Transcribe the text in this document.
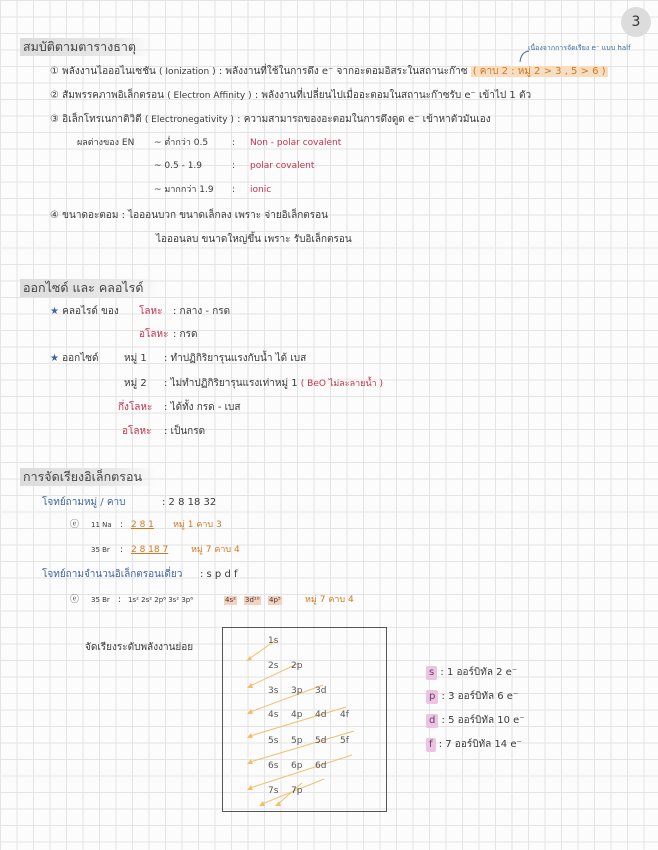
3
สมบัติตามตารางธาตุ	เนื่องจากการจัดเรียง e⁻ แบบ half
① พลังงานไอออไนเซชัน ( Ionization ) : พลังงานที่ใช้ในการดึง e⁻ จากอะตอมอิสระในสถานะก๊าซ ( คาบ 2 : หมู่ 2 > 3 , 5 > 6 )
② สัมพรรคภาพอิเล็กตรอน ( Electron Affinity ) : พลังงานที่เปลี่ยนไปเมื่ออะตอมในสถานะก๊าซรับ e⁻ เข้าไป 1 ตัว
③ อิเล็กโทรเนกาติวิตี ( Electronegativity ) : ความสามารถของอะตอมในการดึงดูด e⁻ เข้าหาตัวมันเอง
ผลต่างของ EN ~ ต่ำกว่า 0.5	: Non - polar covalent
~ 0.5 - 1.9	: polar covalent
~ มากกว่า 1.9 : ionic
④ ขนาดอะตอม : ไอออนบวก ขนาดเล็กลง เพราะ จ่ายอิเล็กตรอน
ไอออนลบ ขนาดใหญ่ขึ้น เพราะ รับอิเล็กตรอน
ออกไซด์ และ คลอไรด์
★ คลอไรด์ ของ โลหะ : กลาง - กรด
อโลหะ : กรด
★ ออกไซด์	หมู่ 1 : ทำปฏิกิริยารุนแรงกับน้ำ ได้ เบส
หมู่ 2 : ไม่ทำปฏิกิริยารุนแรงเท่าหมู่ 1 ( BeO ไม่ละลายน้ำ )
กึ่งโลหะ : ได้ทั้ง กรด - เบส
อโลหะ : เป็นกรด
การจัดเรียงอิเล็กตรอน
โจทย์ถามหมู่ / คาบ	: 2 8 18 32
ⓔ 11 Na : 2 8 1 หมู่ 1 คาบ 3
35 Br : 2 8 18 7	หมู่ 7 คาบ 4
โจทย์ถามจำนวนอิเล็กตรอนเดี่ยว : s p d f
ⓔ 35 Br : 1s² 2s² 2p⁶ 3s² 3p⁶	4s² 3d¹⁰ 4p⁵	หมู่ 7 คาบ 4
จัดเรียงระดับพลังงานย่อย
1s
2s 2p
3s 3p 3d
4s 4p 4d 4f
5s 5p 5d 5f
6s 6p 6d
7s 7p
s : 1 ออร์บิทัล 2 e⁻
p : 3 ออร์บิทัล 6 e⁻
d : 5 ออร์บิทัล 10 e⁻
f : 7 ออร์บิทัล 14 e⁻
